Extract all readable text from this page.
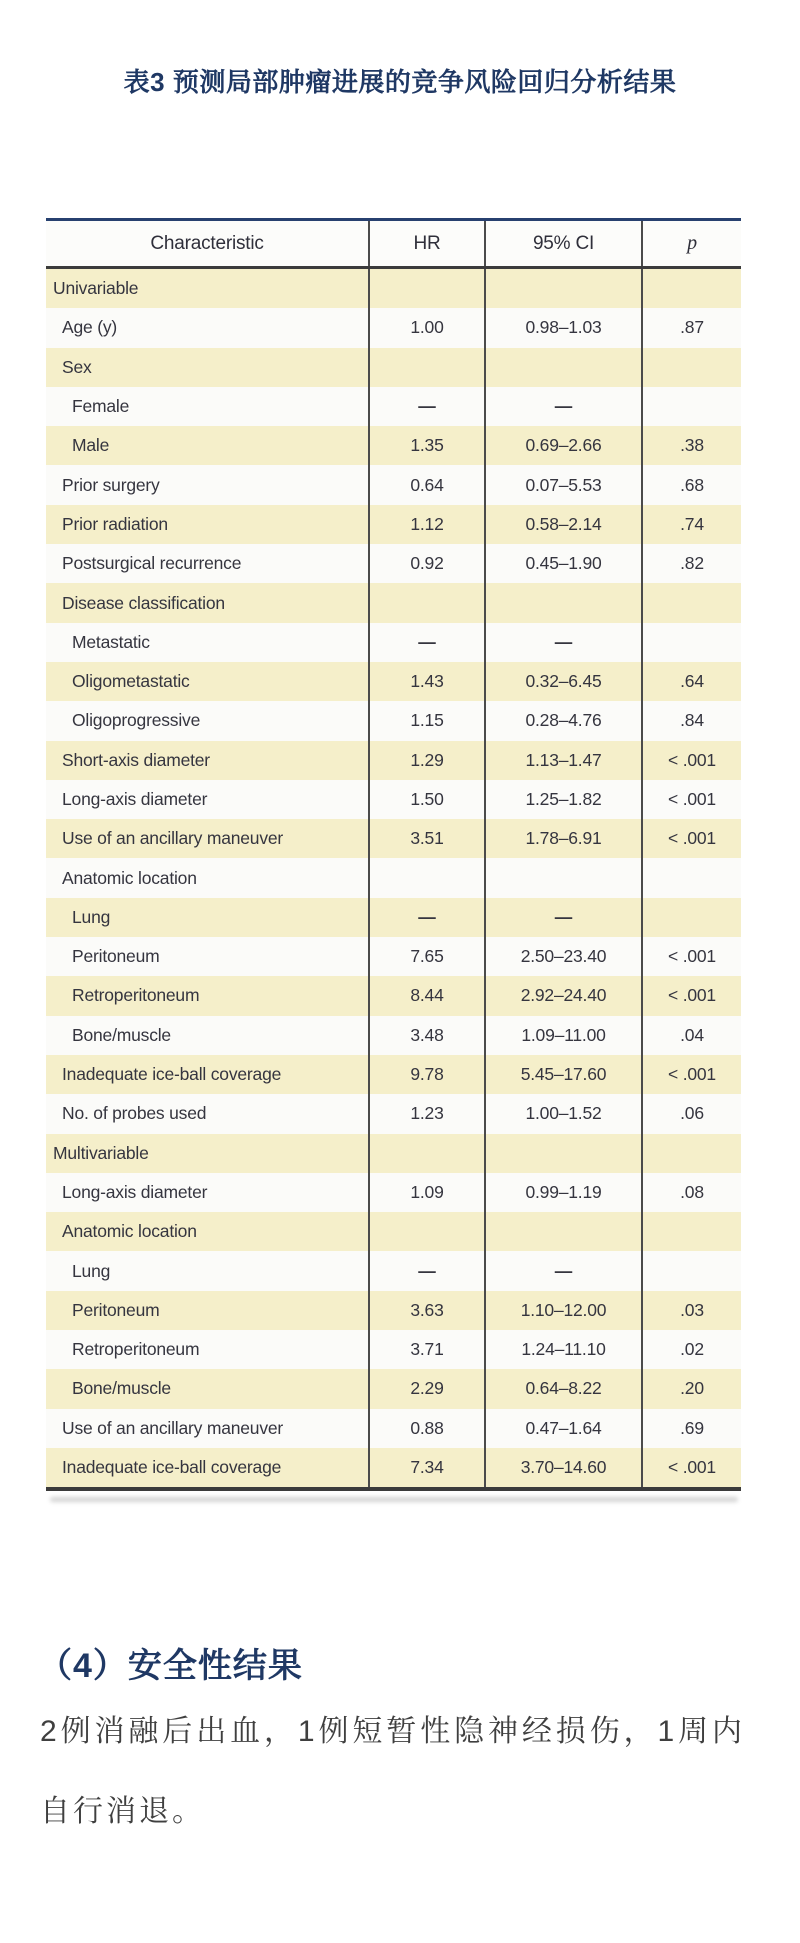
表3 预测局部肿瘤进展的竞争风险回归分析结果
Characteristic	HR	95% CI	p
Univariable
Age (y)	1.00	0.98–1.03	.87
Sex
Female	—	—
Male	1.35	0.69–2.66	.38
Prior surgery	0.64	0.07–5.53	.68
Prior radiation	1.12	0.58–2.14	.74
Postsurgical recurrence	0.92	0.45–1.90	.82
Disease classification
Metastatic	—	—
Oligometastatic	1.43	0.32–6.45	.64
Oligoprogressive	1.15	0.28–4.76	.84
Short-axis diameter	1.29	1.13–1.47	< .001
Long-axis diameter	1.50	1.25–1.82	< .001
Use of an ancillary maneuver	3.51	1.78–6.91	< .001
Anatomic location
Lung	—	—
Peritoneum	7.65	2.50–23.40	< .001
Retroperitoneum	8.44	2.92–24.40	< .001
Bone/muscle	3.48	1.09–11.00	.04
Inadequate ice-ball coverage	9.78	5.45–17.60	< .001
No. of probes used	1.23	1.00–1.52	.06
Multivariable
Long-axis diameter	1.09	0.99–1.19	.08
Anatomic location
Lung	—	—
Peritoneum	3.63	1.10–12.00	.03
Retroperitoneum	3.71	1.24–11.10	.02
Bone/muscle	2.29	0.64–8.22	.20
Use of an ancillary maneuver	0.88	0.47–1.64	.69
Inadequate ice-ball coverage	7.34	3.70–14.60	< .001
（4）安全性结果

2例消融后出血，1例短暂性隐神经损伤，1周内自行消退。
